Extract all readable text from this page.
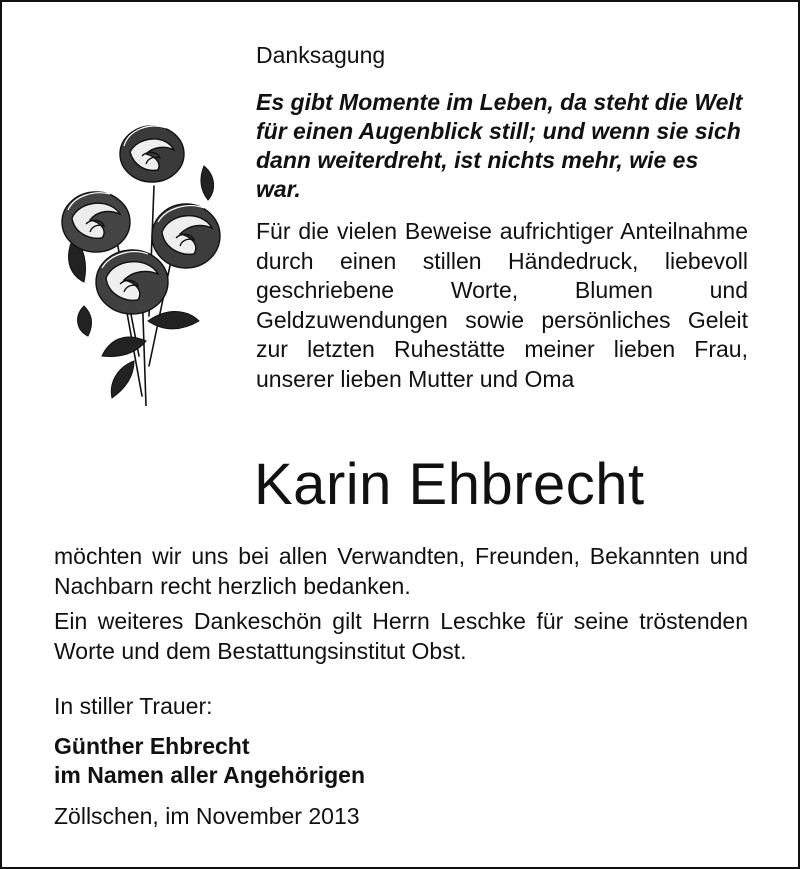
Danksagung

Es gibt Momente im Leben, da steht die Welt für einen Augenblick still; und wenn sie sich dann weiterdreht, ist nichts mehr, wie es war.

Für die vielen Beweise aufrichtiger Anteilnahme durch einen stillen Händedruck, liebevoll geschriebene Worte, Blumen und Geldzuwendungen sowie persönliches Geleit zur letzten Ruhestätte meiner lieben Frau, unserer lieben Mutter und Oma

Karin Ehbrecht

möchten wir uns bei allen Verwandten, Freunden, Bekannten und Nachbarn recht herzlich bedanken.

Ein weiteres Dankeschön gilt Herrn Leschke für seine tröstenden Worte und dem Bestattungsinstitut Obst.

In stiller Trauer:

Günther Ehbrecht
im Namen aller Angehörigen

Zöllschen, im November 2013
